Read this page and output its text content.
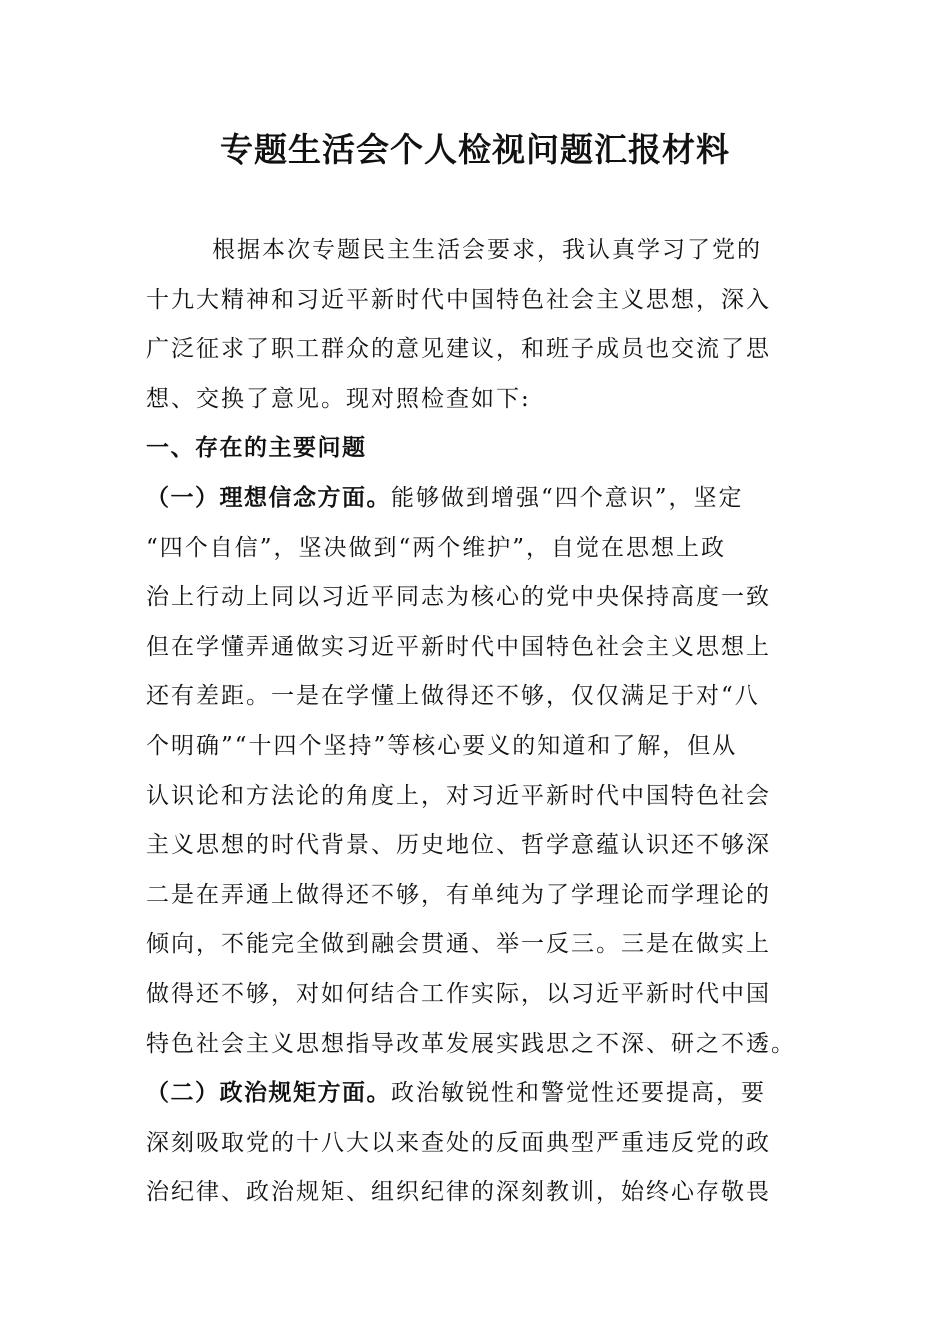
专题生活会个人检视问题汇报材料
根据本次专题民主生活会要求，我认真学习了党的
十九大精神和习近平新时代中国特色社会主义思想，深入
广泛征求了职工群众的意见建议，和班子成员也交流了思
想、交换了意见。现对照检查如下:
一、存在的主要问题
（一）理想信念方面。能够做到增强“四个意识”，坚定
“四个自信”，坚决做到“两个维护”，自觉在思想上政
治上行动上同以习近平同志为核心的党中央保持高度一致
但在学懂弄通做实习近平新时代中国特色社会主义思想上
还有差距。一是在学懂上做得还不够，仅仅满足于对“八
个明确”“十四个坚持”等核心要义的知道和了解，但从
认识论和方法论的角度上，对习近平新时代中国特色社会
主义思想的时代背景、历史地位、哲学意蕴认识还不够深
二是在弄通上做得还不够，有单纯为了学理论而学理论的
倾向，不能完全做到融会贯通、举一反三。三是在做实上
做得还不够，对如何结合工作实际，以习近平新时代中国
特色社会主义思想指导改革发展实践思之不深、研之不透。
（二）政治规矩方面。政治敏锐性和警觉性还要提高，要
深刻吸取党的十八大以来查处的反面典型严重违反党的政
治纪律、政治规矩、组织纪律的深刻教训，始终心存敬畏
